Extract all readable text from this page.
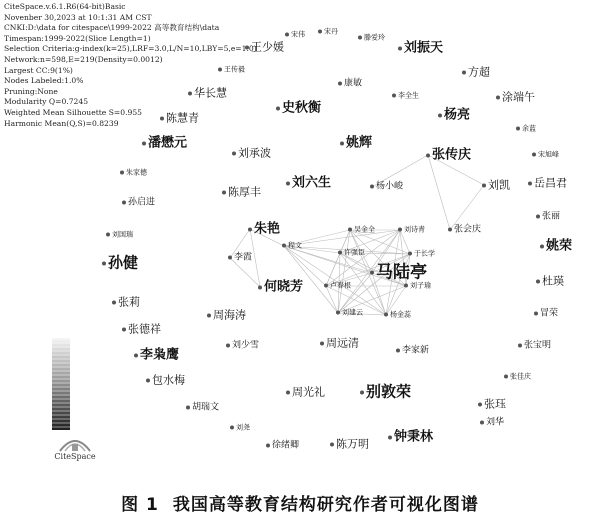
宋伟	宋丹
滕爱玲
王少媛
王传毅
刘振天
方超
康敏
华长慧	李全生	涂端午
史秋衡	杨亮
陈慧青
余蓝
潘懋元	姚辉
宋旭峰
刘承波	张传庆
朱家德
刘六生	刘凯	岳昌君
陈厚丰	杨小峻
孙启进
张丽
朱艳	吴金全	刘诗青	张会庆
刘国瑞
姚荣
程文
许强臣	于长学
孙健	李霞
马陆亭	杜瑛
何晓芳	卢春根	刘子瑜
张莉
周海涛	刘建云	杨金蕊	冒荣
张德祥
刘少雪	周远清
李家新	张宝明
李枭鹰
张佳庆
包水梅
周光礼	别敦荣
胡瑞文	张珏
刘尧	刘华
陈万明	钟秉林
徐绪卿
CiteSpace.v.6.1.R6(64-bit)Basic
Novenber 30,2023 at 10:1:31 AM CST
CNKI:D:\data for citespace\1999-2022 高等教育结构\data
Timespan:1999-2022(Slice Length=1)
Selection Criteria:g-index(k=25),LRF=3.0,L/N=10,LBY=5,e=1.0)
Network:n=598,E=219(Density=0.0012)
Largest CC:9(1%)
Nodes Labeled:1.0%
Pruning:None
Modularity Q=0.7245
Weighted Mean Silhouette S=0.955
Harmonic Mean(Q,S)=0.8239
CiteSpace
图 1 我国高等教育结构研究作者可视化图谱
